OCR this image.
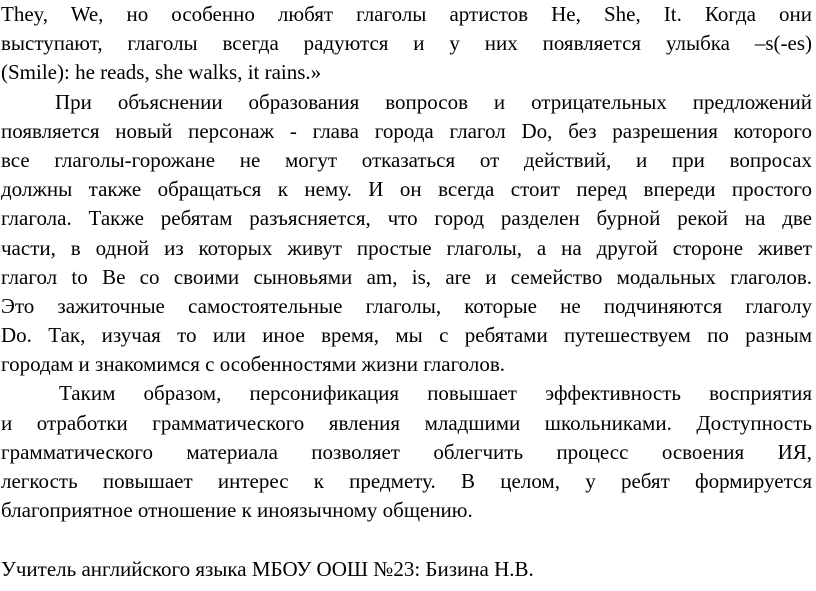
They, We, но особенно любят глаголы артистов He, She, It. Когда они
выступают, глаголы всегда радуются и у них появляется улыбка –s(-es)
(Smile): he reads, she walks, it rains.»

При объяснении образования вопросов и отрицательных предложений
появляется новый персонаж - глава города глагол Do, без разрешения которого
все глаголы-горожане не могут отказаться от действий, и при вопросах
должны также обращаться к нему. И он всегда стоит перед впереди простого
глагола. Также ребятам разъясняется, что город разделен бурной рекой на две
части, в одной из которых живут простые глаголы, а на другой стороне живет
глагол to Be со своими сыновьями am, is, are и семейство модальных глаголов.
Это зажиточные самостоятельные глаголы, которые не подчиняются глаголу
Do. Так, изучая то или иное время, мы с ребятами путешествуем по разным
городам и знакомимся с особенностями жизни глаголов.

Таким образом, персонификация повышает эффективность восприятия
и отработки грамматического явления младшими школьниками. Доступность
грамматического материала позволяет облегчить процесс освоения ИЯ,
легкость повышает интерес к предмету. В целом, у ребят формируется
благоприятное отношение к иноязычному общению.

Учитель английского языка МБОУ ООШ №23: Бизина Н.В.
